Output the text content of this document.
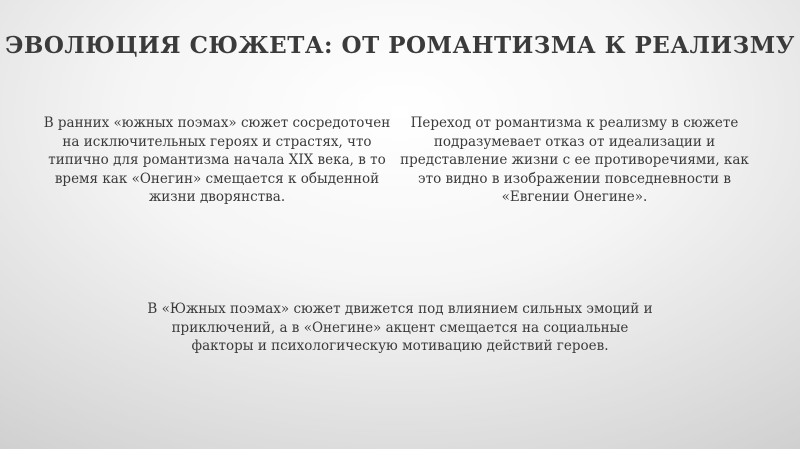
ЭВОЛЮЦИЯ СЮЖЕТА: ОТ РОМАНТИЗМА К РЕАЛИЗМУ
В ранних «южных поэмах» сюжет сосредоточен на исключительных героях и страстях, что типично для романтизма начала XIX века, в то время как «Онегин» смещается к обыденной жизни дворянства.
Переход от романтизма к реализму в сюжете подразумевает отказ от идеализации и представление жизни с ее противоречиями, как это видно в изображении повседневности в «Евгении Онегине».
В «Южных поэмах» сюжет движется под влиянием сильных эмоций и приключений, а в «Онегине» акцент смещается на социальные факторы и психологическую мотивацию действий героев.
